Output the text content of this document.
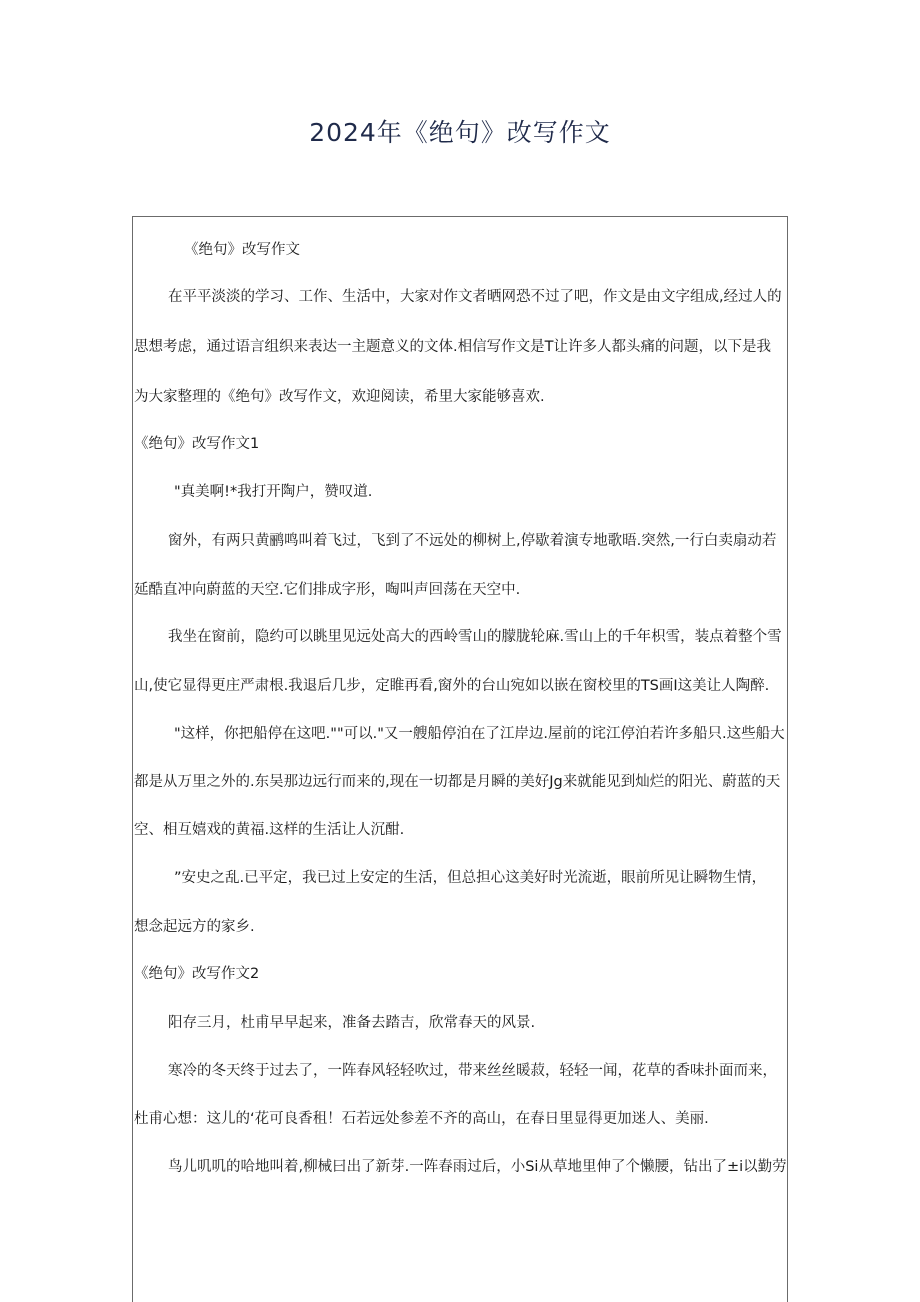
2024年《绝句》改写作文
《绝句》改写作文
在平平淡淡的学习、工作、生活中，大家对作文者晒网恐不过了吧，作文是由文字组成,经过人的
思想考虑，通过语言组织来表达一主题意义的文体.相信写作文是T让许多人都头痛的问题，以下是我
为大家整理的《绝句》改写作文，欢迎阅读，希里大家能够喜欢.
《绝句》改写作文1
"真美啊!*我打开陶户，赞叹道.
窗外，有两只黄鹂鸣叫着飞过，飞到了不远处的柳树上,停歇着演专地歌晤.突然,一行白卖扇动若
延酷直冲向蔚蓝的天空.它们排成字形，啕叫声回荡在天空中.
我坐在窗前，隐约可以眺里见远处高大的西岭雪山的朦胧轮麻.雪山上的千年枳雪，装点着整个雪
山,使它显得更庄严肃根.我退后几步，定睢再看,窗外的台山宛如以嵌在窗校里的TS画I这美让人陶醉.
"这样，你把船停在这吧.""可以."又一艘船停泊在了江岸边.屋前的诧江停泊若许多船只.这些船大
都是从万里之外的.东吴那边远行而来的,现在一切都是月瞬的美好Jg来就能见到灿烂的阳光、蔚蓝的天
空、相互嬉戏的黄福.这样的生活让人沉酣.
”安史之乱.已平定，我已过上安定的生活，但总担心这美好时光流逝，眼前所见让瞬物生情，
想念起远方的家乡.
《绝句》改写作文2
阳存三月，杜甫早早起来，准备去踏吉，欣常春天的风景.
寒冷的冬天终于过去了，一阵春风轻轻吹过，带来丝丝暖菽，轻轻一闻，花草的香味扑面而来，
杜甫心想：这儿的‘花可良香租！石若远处参差不齐的高山，在春日里显得更加迷人、美丽.
鸟儿叽叽的哈地叫着,柳械曰出了新芽.一阵春雨过后，小Si从草地里伸了个懒腰，钻出了±i以勤劳
